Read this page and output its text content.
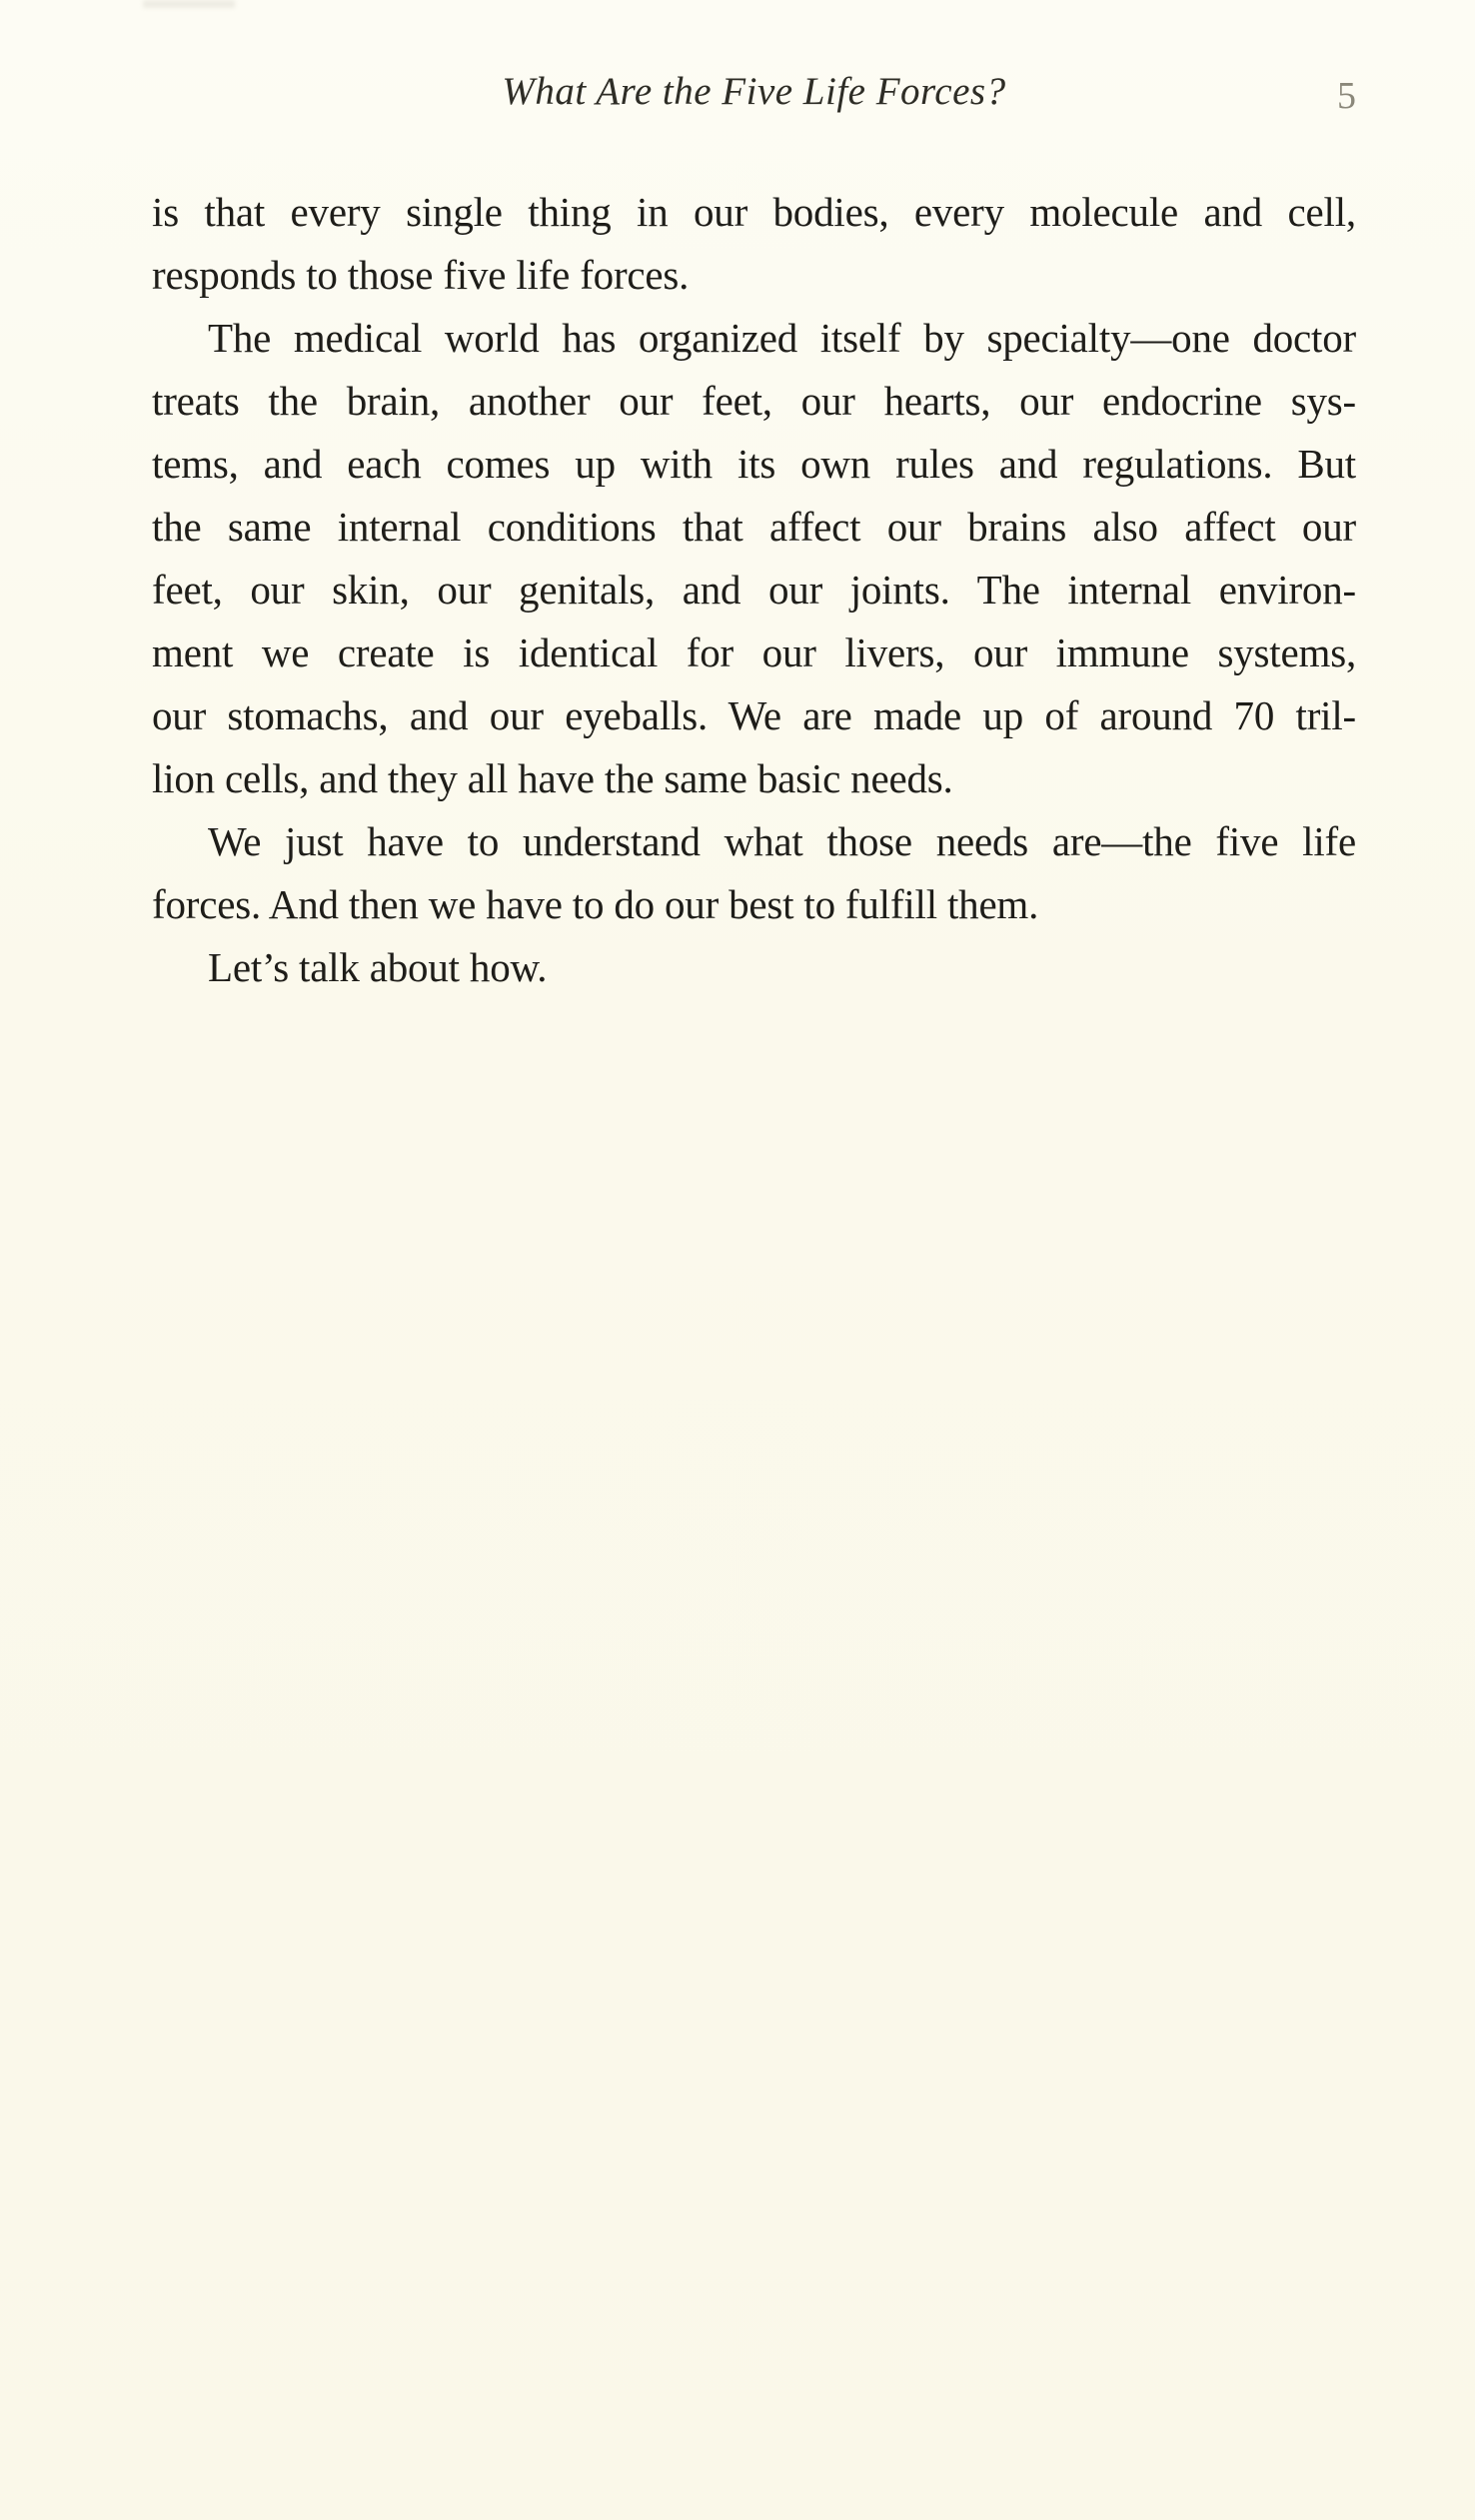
What Are the Five Life Forces?	5
is that every single thing in our bodies, every molecule and cell,
responds to those five life forces.
The medical world has organized itself by specialty—one doctor
treats the brain, another our feet, our hearts, our endocrine sys-
tems, and each comes up with its own rules and regulations. But
the same internal conditions that affect our brains also affect our
feet, our skin, our genitals, and our joints. The internal environ-
ment we create is identical for our livers, our immune systems,
our stomachs, and our eyeballs. We are made up of around 70 tril-
lion cells, and they all have the same basic needs.
We just have to understand what those needs are—the five life
forces. And then we have to do our best to fulfill them.
Let’s talk about how.
